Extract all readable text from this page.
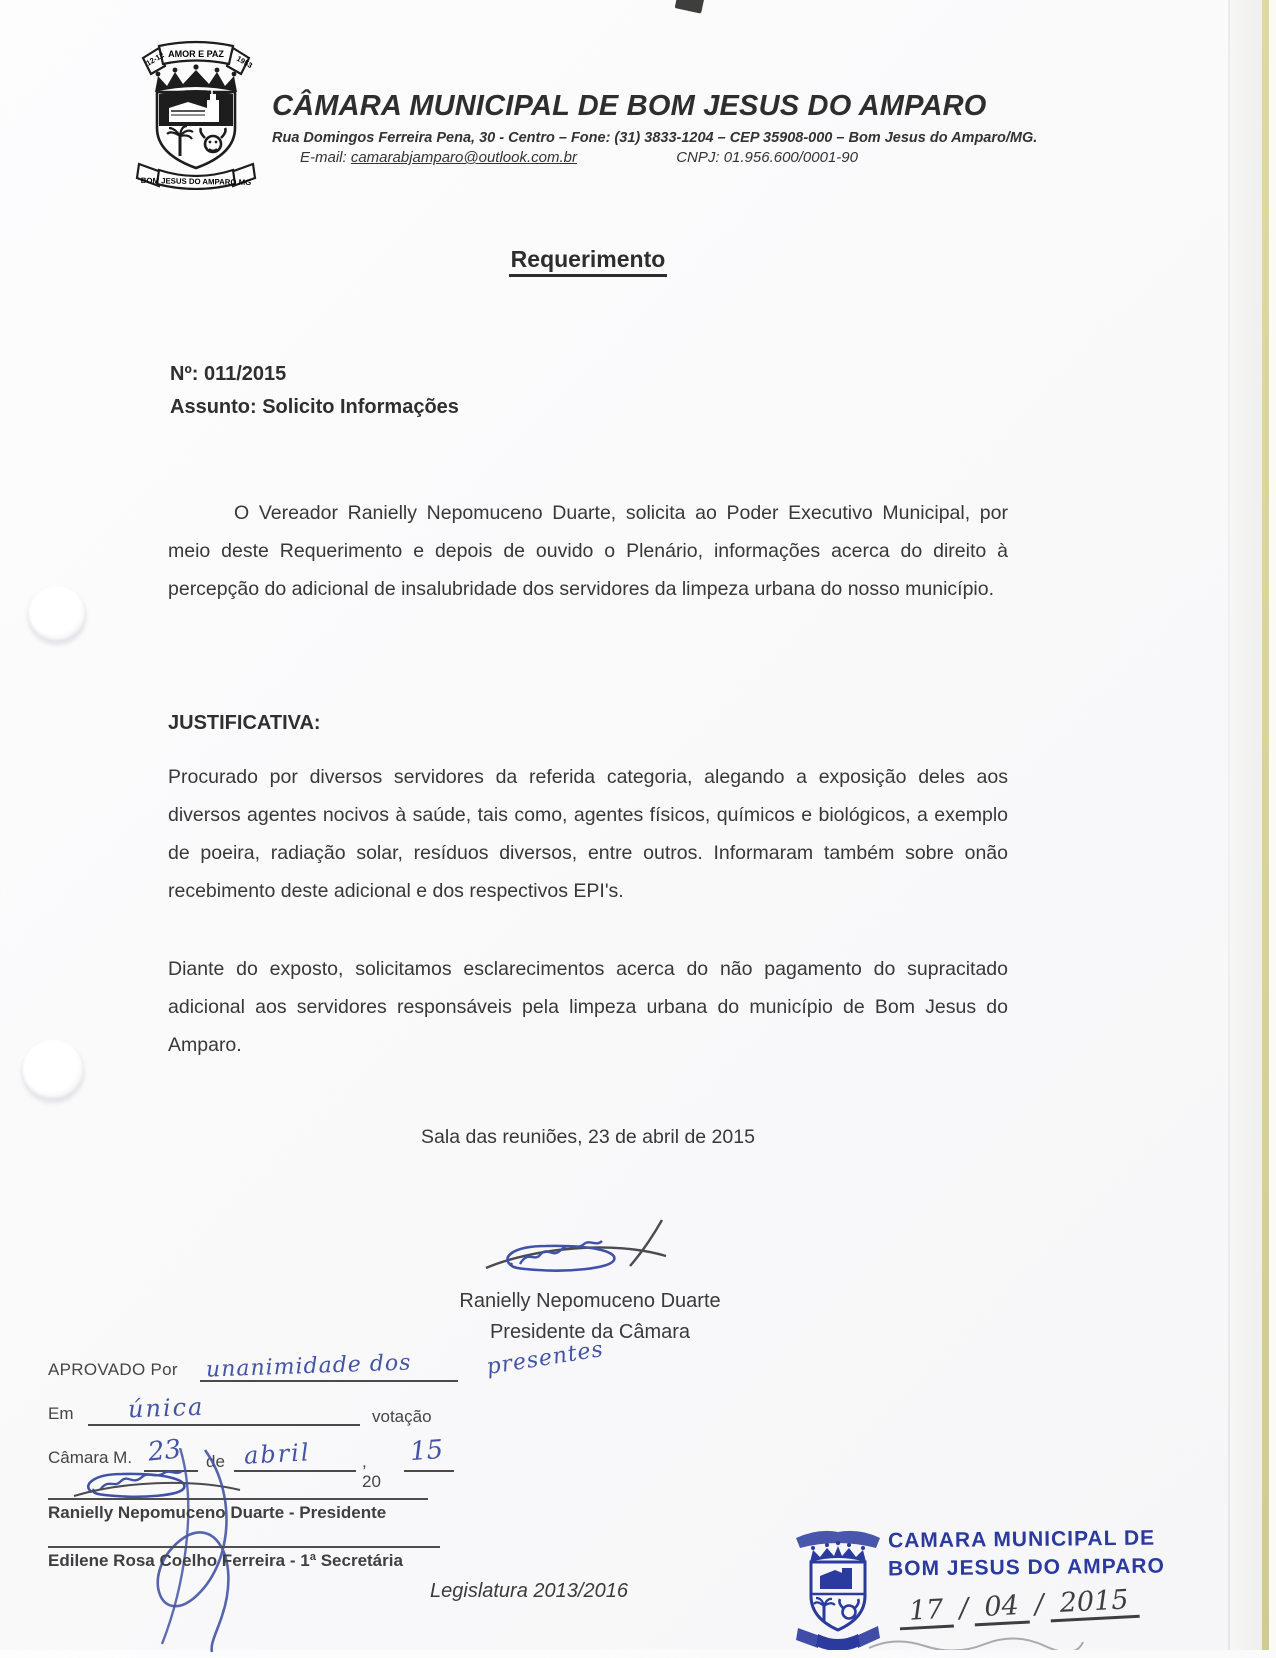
12-12 AMOR E PAZ 1953
BOM JESUS DO AMPARO MG
CÂMARA MUNICIPAL DE BOM JESUS DO AMPARO
Rua Domingos Ferreira Pena, 30 - Centro – Fone: (31) 3833-1204 – CEP 35908-000 – Bom Jesus do Amparo/MG.
E-mail: camarabjamparo@outlook.com.br	CNPJ: 01.956.600/0001-90
Requerimento
Nº: 011/2015
Assunto: Solicito Informações
O Vereador Ranielly Nepomuceno Duarte, solicita ao Poder Executivo Municipal, por meio deste Requerimento e depois de ouvido o Plenário, informações acerca do direito à percepção do adicional de insalubridade dos servidores da limpeza urbana do nosso município.
JUSTIFICATIVA:
Procurado por diversos servidores da referida categoria, alegando a exposição deles aos diversos agentes nocivos à saúde, tais como, agentes físicos, químicos e biológicos, a exemplo de poeira, radiação solar, resíduos diversos, entre outros. Informaram também sobre onão recebimento deste adicional e dos respectivos EPI's.
Diante do exposto, solicitamos esclarecimentos acerca do não pagamento do supracitado adicional aos servidores responsáveis pela limpeza urbana do município de Bom Jesus do Amparo.
Sala das reuniões, 23 de abril de 2015
Ranielly Nepomuceno Duarte
Presidente da Câmara
APROVADO Por unanimidade dos	presentes
Em única	votação
Câmara M. 23 de abril	, 20
15
Ranielly Nepomuceno Duarte - Presidente
Edilene Rosa Coelho Ferreira - 1ª Secretária
Legislatura 2013/2016
CAMARA MUNICIPAL DE
BOM JESUS DO AMPARO
17 / 04 / 2015
